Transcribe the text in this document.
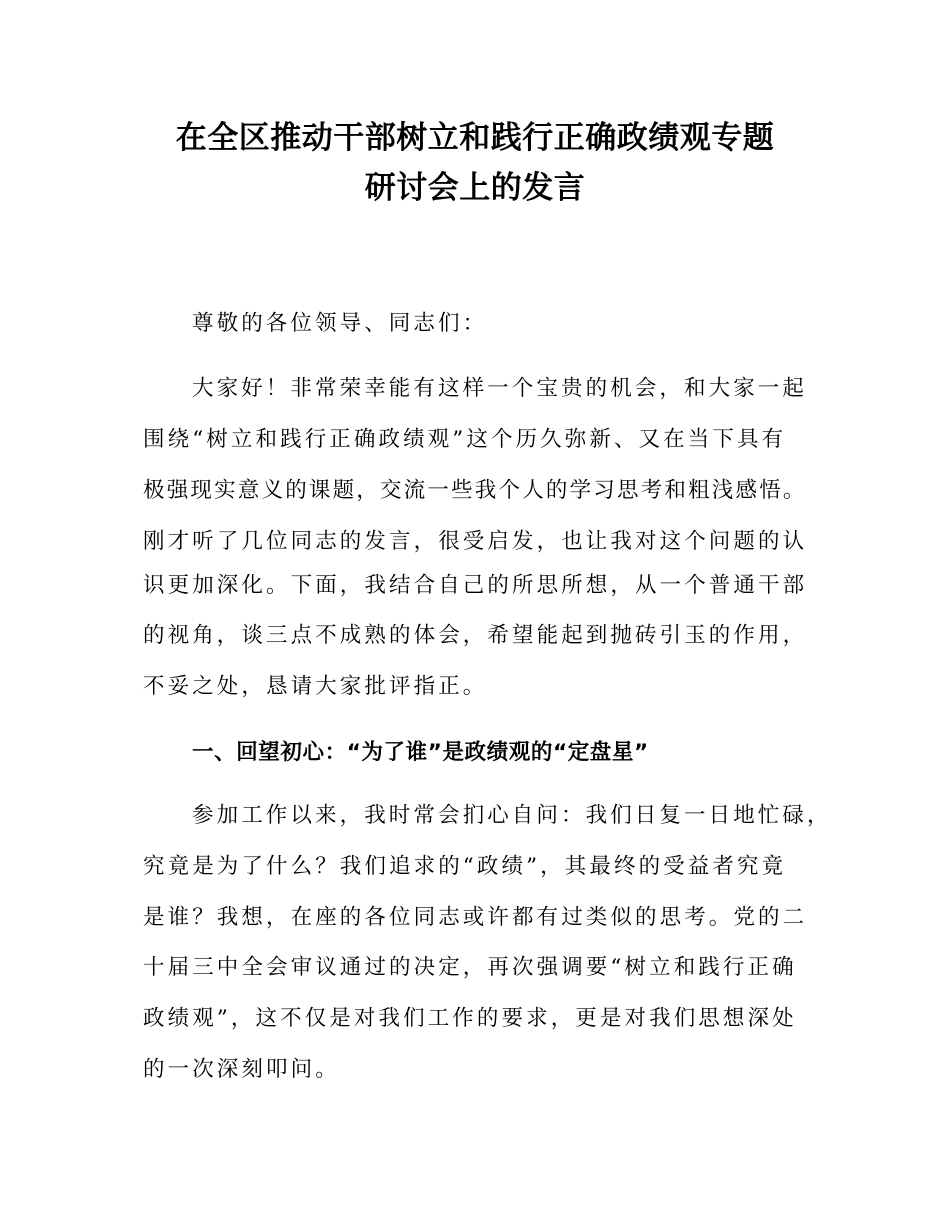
在全区推动干部树立和践行正确政绩观专题
研讨会上的发言
尊敬的各位领导、同志们：
大家好！非常荣幸能有这样一个宝贵的机会，和大家一起
围绕“树立和践行正确政绩观”这个历久弥新、又在当下具有
极强现实意义的课题，交流一些我个人的学习思考和粗浅感悟。
刚才听了几位同志的发言，很受启发，也让我对这个问题的认
识更加深化。下面，我结合自己的所思所想，从一个普通干部
的视角，谈三点不成熟的体会，希望能起到抛砖引玉的作用，
不妥之处，恳请大家批评指正。
一、回望初心：“为了谁”是政绩观的“定盘星”
参加工作以来，我时常会扪心自问：我们日复一日地忙碌，
究竟是为了什么？我们追求的“政绩”，其最终的受益者究竟
是谁？我想，在座的各位同志或许都有过类似的思考。党的二
十届三中全会审议通过的决定，再次强调要“树立和践行正确
政绩观”，这不仅是对我们工作的要求，更是对我们思想深处
的一次深刻叩问。
